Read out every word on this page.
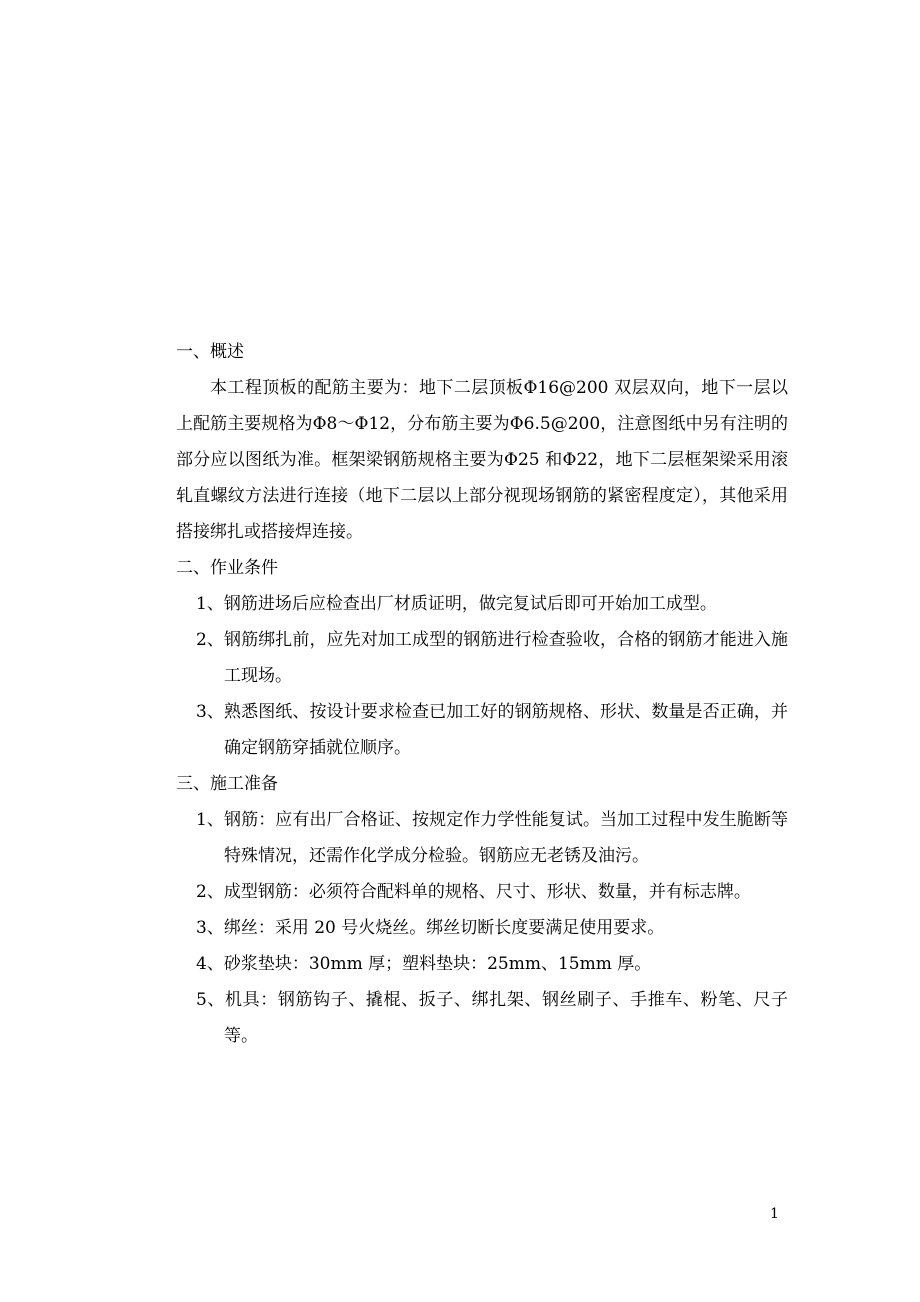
一、概述

本工程顶板的配筋主要为：地下二层顶板Φ16@200 双层双向，地下一层以上配筋主要规格为Φ8～Φ12，分布筋主要为Φ6.5@200，注意图纸中另有注明的部分应以图纸为准。框架梁钢筋规格主要为Φ25 和Φ22，地下二层框架梁采用滚轧直螺纹方法进行连接（地下二层以上部分视现场钢筋的紧密程度定），其他采用搭接绑扎或搭接焊连接。

二、作业条件

1、钢筋进场后应检查出厂材质证明，做完复试后即可开始加工成型。

2、钢筋绑扎前，应先对加工成型的钢筋进行检查验收，合格的钢筋才能进入施工现场。

3、熟悉图纸、按设计要求检查已加工好的钢筋规格、形状、数量是否正确，并确定钢筋穿插就位顺序。

三、施工准备

1、钢筋：应有出厂合格证、按规定作力学性能复试。当加工过程中发生脆断等特殊情况，还需作化学成分检验。钢筋应无老锈及油污。

2、成型钢筋：必须符合配料单的规格、尺寸、形状、数量，并有标志牌。

3、绑丝：采用 20 号火烧丝。绑丝切断长度要满足使用要求。

4、砂浆垫块：30mm 厚；塑料垫块：25mm、15mm 厚。

5、机具：钢筋钩子、撬棍、扳子、绑扎架、钢丝刷子、手推车、粉笔、尺子等。

1
